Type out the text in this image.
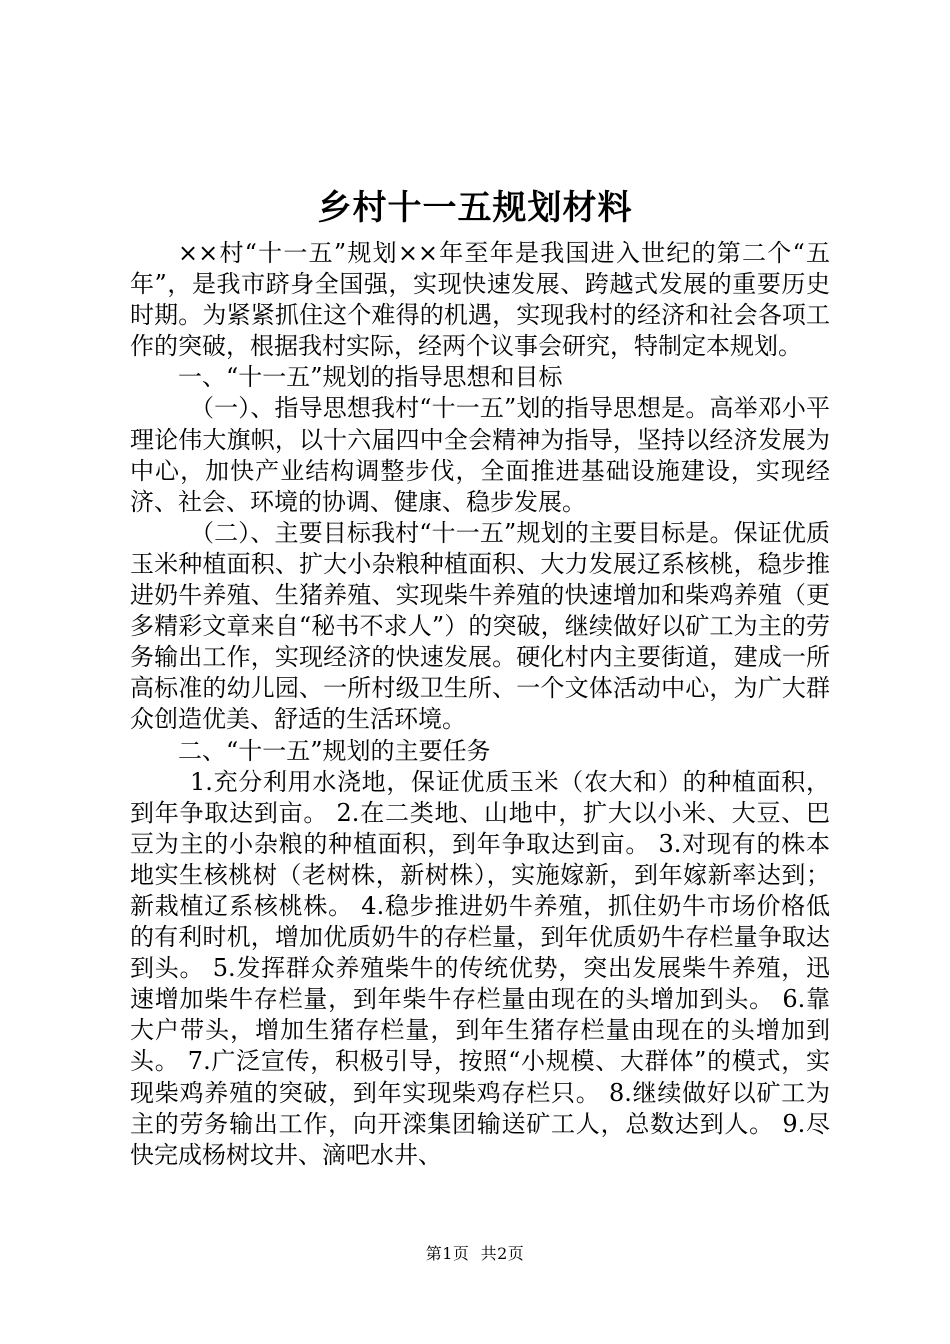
乡村十一五规划材料

××村“十一五”规划××年至年是我国进入世纪的第二个“五年”，是我市跻身全国强，实现快速发展、跨越式发展的重要历史时期。为紧紧抓住这个难得的机遇，实现我村的经济和社会各项工作的突破，根据我村实际，经两个议事会研究，特制定本规划。

一、“十一五”规划的指导思想和目标

（一）、指导思想我村“十一五”划的指导思想是。高举邓小平理论伟大旗帜，以十六届四中全会精神为指导，坚持以经济发展为中心，加快产业结构调整步伐，全面推进基础设施建设，实现经济、社会、环境的协调、健康、稳步发展。

（二）、主要目标我村“十一五”规划的主要目标是。保证优质玉米种植面积、扩大小杂粮种植面积、大力发展辽系核桃，稳步推进奶牛养殖、生猪养殖、实现柴牛养殖的快速增加和柴鸡养殖（更多精彩文章来自“秘书不求人”）的突破，继续做好以矿工为主的劳务输出工作，实现经济的快速发展。硬化村内主要街道，建成一所高标准的幼儿园、一所村级卫生所、一个文体活动中心，为广大群众创造优美、舒适的生活环境。

二、“十一五”规划的主要任务

1.充分利用水浇地，保证优质玉米（农大和）的种植面积，到年争取达到亩。 2.在二类地、山地中，扩大以小米、大豆、巴豆为主的小杂粮的种植面积，到年争取达到亩。 3.对现有的株本地实生核桃树（老树株，新树株），实施嫁新，到年嫁新率达到；新栽植辽系核桃株。 4.稳步推进奶牛养殖，抓住奶牛市场价格低的有利时机，增加优质奶牛的存栏量，到年优质奶牛存栏量争取达到头。 5.发挥群众养殖柴牛的传统优势，突出发展柴牛养殖，迅速增加柴牛存栏量，到年柴牛存栏量由现在的头增加到头。 6.靠大户带头，增加生猪存栏量，到年生猪存栏量由现在的头增加到头。 7.广泛宣传，积极引导，按照“小规模、大群体”的模式，实现柴鸡养殖的突破，到年实现柴鸡存栏只。 8.继续做好以矿工为主的劳务输出工作，向开滦集团输送矿工人，总数达到人。 9.尽快完成杨树坟井、滴吧水井、

第1页  共2页
